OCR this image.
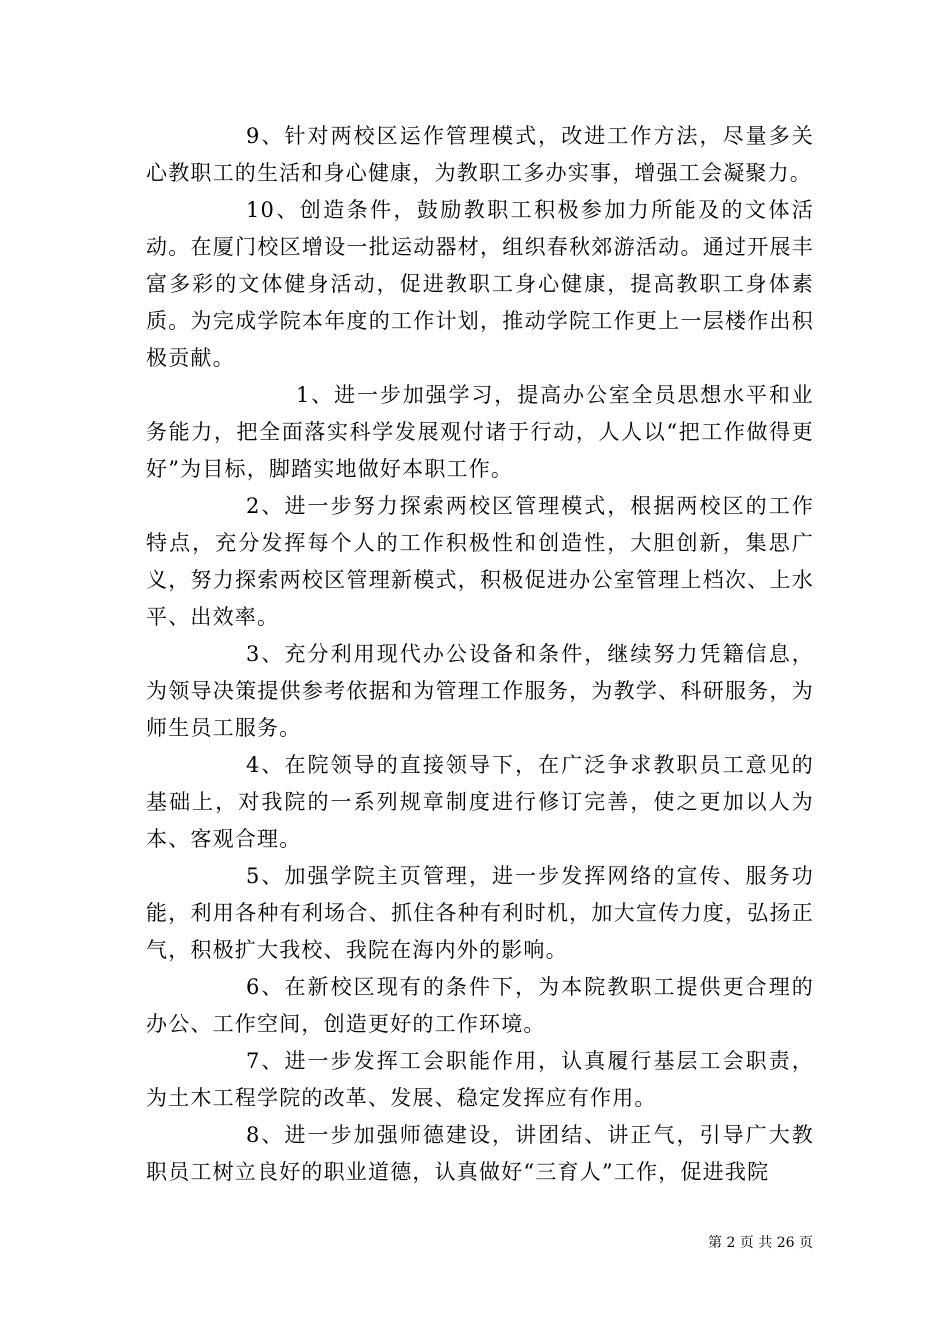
9、针对两校区运作管理模式，改进工作方法，尽量多关心教职工的生活和身心健康，为教职工多办实事，增强工会凝聚力。

10、创造条件，鼓励教职工积极参加力所能及的文体活动。在厦门校区增设一批运动器材，组织春秋郊游活动。通过开展丰富多彩的文体健身活动，促进教职工身心健康，提高教职工身体素质。为完成学院本年度的工作计划，推动学院工作更上一层楼作出积极贡献。

1、进一步加强学习，提高办公室全员思想水平和业务能力，把全面落实科学发展观付诸于行动，人人以“把工作做得更好”为目标，脚踏实地做好本职工作。

2、进一步努力探索两校区管理模式，根据两校区的工作特点，充分发挥每个人的工作积极性和创造性，大胆创新，集思广义，努力探索两校区管理新模式，积极促进办公室管理上档次、上水平、出效率。

3、充分利用现代办公设备和条件，继续努力凭籍信息，为领导决策提供参考依据和为管理工作服务，为教学、科研服务，为师生员工服务。

4、在院领导的直接领导下，在广泛争求教职员工意见的基础上，对我院的一系列规章制度进行修订完善，使之更加以人为本、客观合理。

5、加强学院主页管理，进一步发挥网络的宣传、服务功能，利用各种有利场合、抓住各种有利时机，加大宣传力度，弘扬正气，积极扩大我校、我院在海内外的影响。

6、在新校区现有的条件下，为本院教职工提供更合理的办公、工作空间，创造更好的工作环境。

7、进一步发挥工会职能作用，认真履行基层工会职责，为土木工程学院的改革、发展、稳定发挥应有作用。

8、进一步加强师德建设，讲团结、讲正气，引导广大教职员工树立良好的职业道德，认真做好“三育人”工作，促进我院

第 2 页 共 26 页
